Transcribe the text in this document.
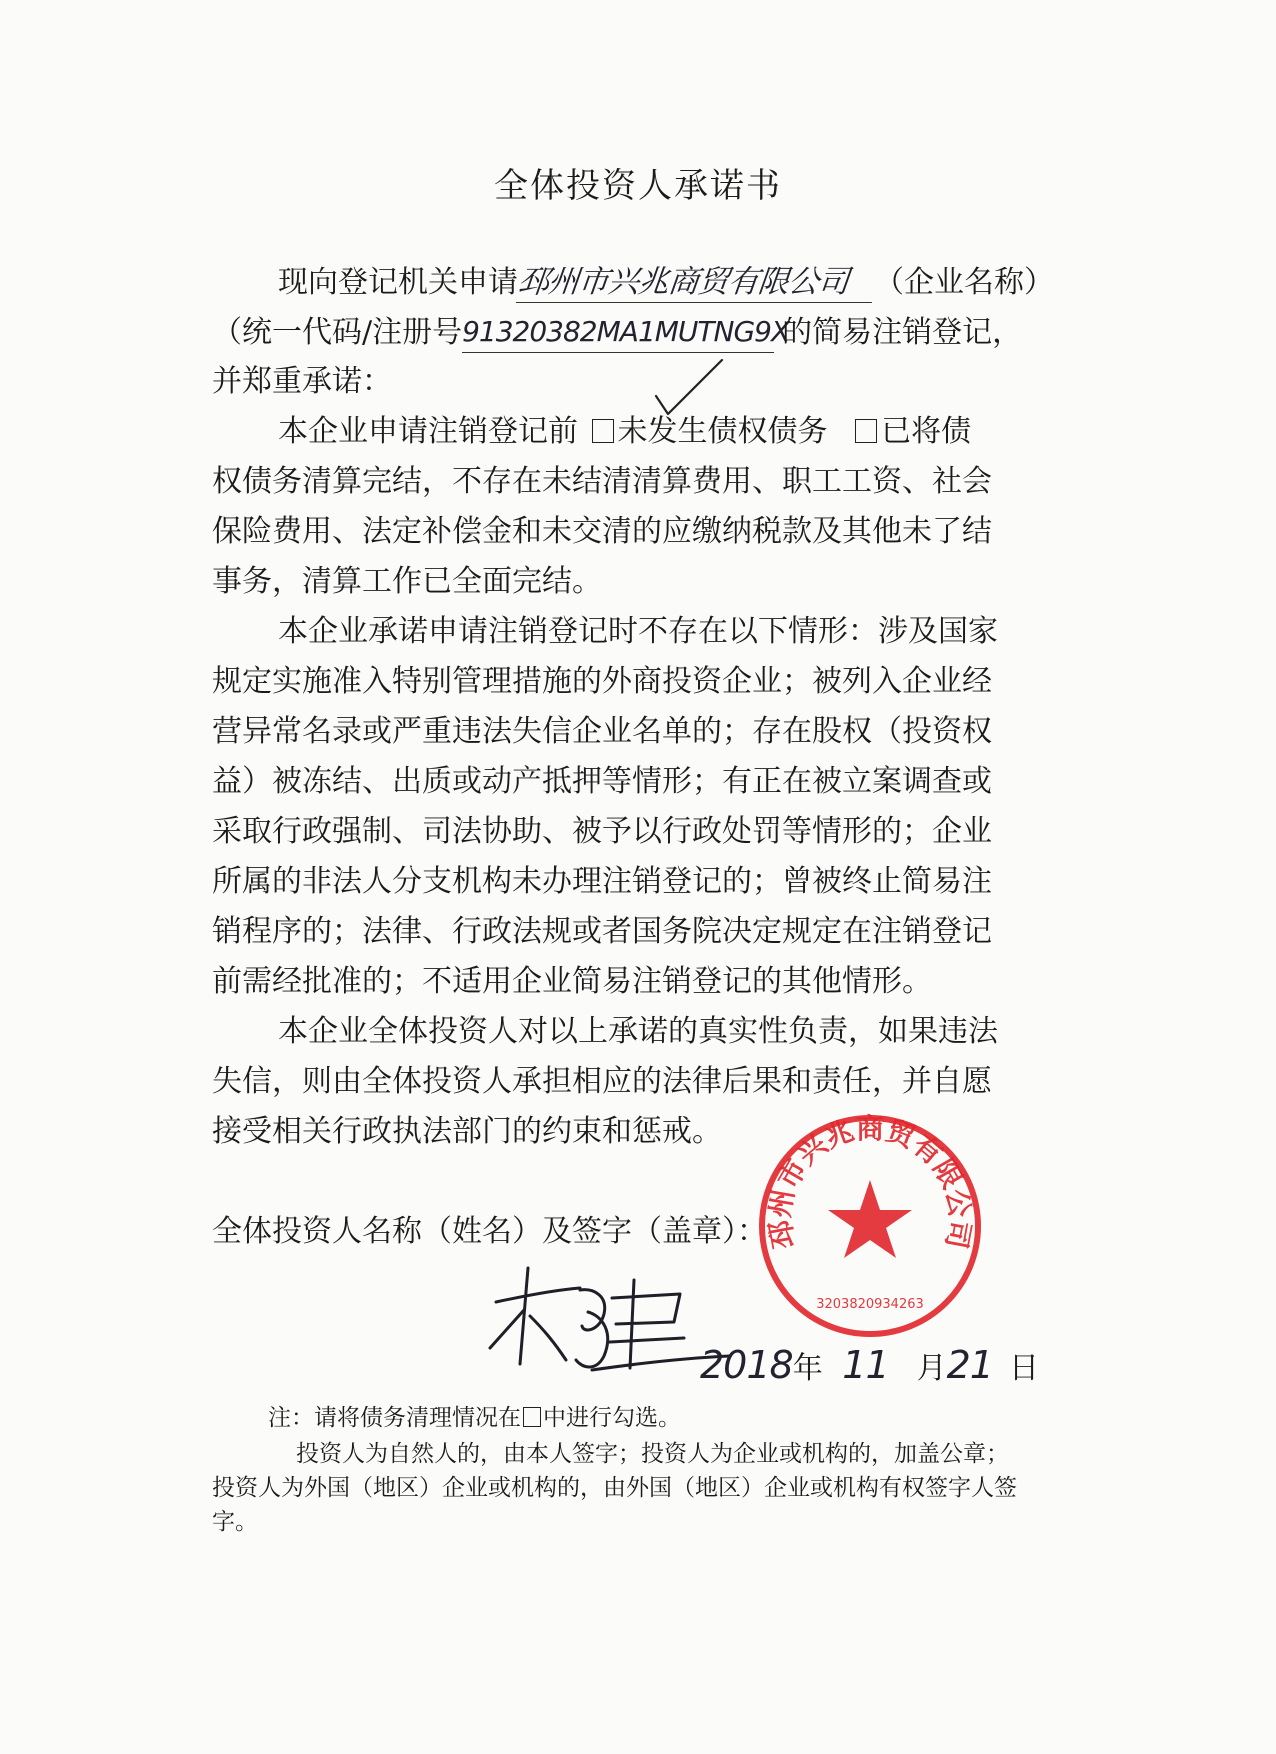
全体投资人承诺书
现向登记机关申请邳州市兴兆商贸有限公司 （企业名称）
（统一代码/注册号91320382MA1MUTNG9X的简易注销登记，
并郑重承诺：
本企业申请注销登记前 未发生债权债务 已将债
权债务清算完结，不存在未结清清算费用、职工工资、社会
保险费用、法定补偿金和未交清的应缴纳税款及其他未了结
事务，清算工作已全面完结。
本企业承诺申请注销登记时不存在以下情形：涉及国家
规定实施准入特别管理措施的外商投资企业；被列入企业经
营异常名录或严重违法失信企业名单的；存在股权（投资权
益）被冻结、出质或动产抵押等情形；有正在被立案调查或
采取行政强制、司法协助、被予以行政处罚等情形的；企业
所属的非法人分支机构未办理注销登记的；曾被终止简易注
销程序的；法律、行政法规或者国务院决定规定在注销登记
前需经批准的；不适用企业简易注销登记的其他情形。
本企业全体投资人对以上承诺的真实性负责，如果违法
失信，则由全体投资人承担相应的法律后果和责任，并自愿
接受相关行政执法部门的约束和惩戒。
全体投资人名称（姓名）及签字（盖章）：
邳州市兴兆商贸有限公司
3203820934263
2018年 11 月21 日
注：请将债务清理情况在 中进行勾选。
投资人为自然人的，由本人签字；投资人为企业或机构的，加盖公章；
投资人为外国（地区）企业或机构的，由外国（地区）企业或机构有权签字人签
字。
